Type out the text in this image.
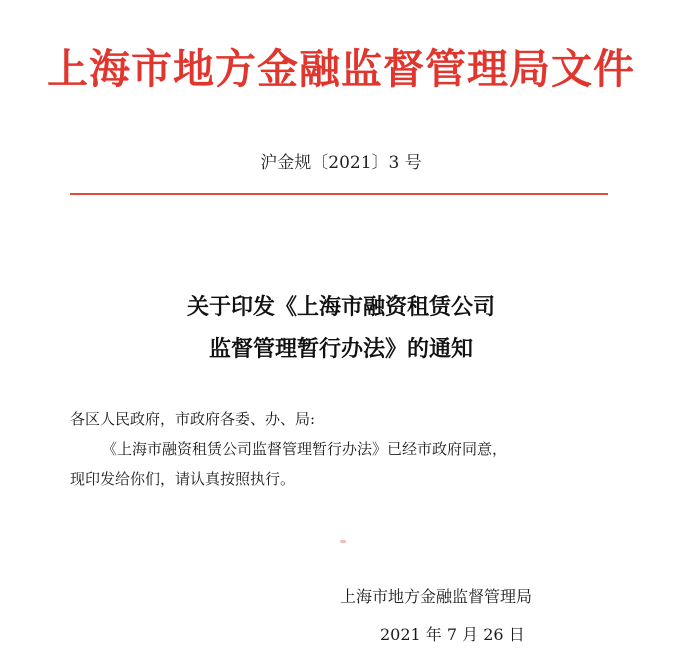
上海市地方金融监督管理局文件
沪金规〔2021〕3 号
关于印发《上海市融资租赁公司
监督管理暂行办法》的通知
各区人民政府，市政府各委、办、局:
《上海市融资租赁公司监督管理暂行办法》已经市政府同意，
现印发给你们，请认真按照执行。
上海市地方金融监督管理局
2021 年 7 月 26 日
